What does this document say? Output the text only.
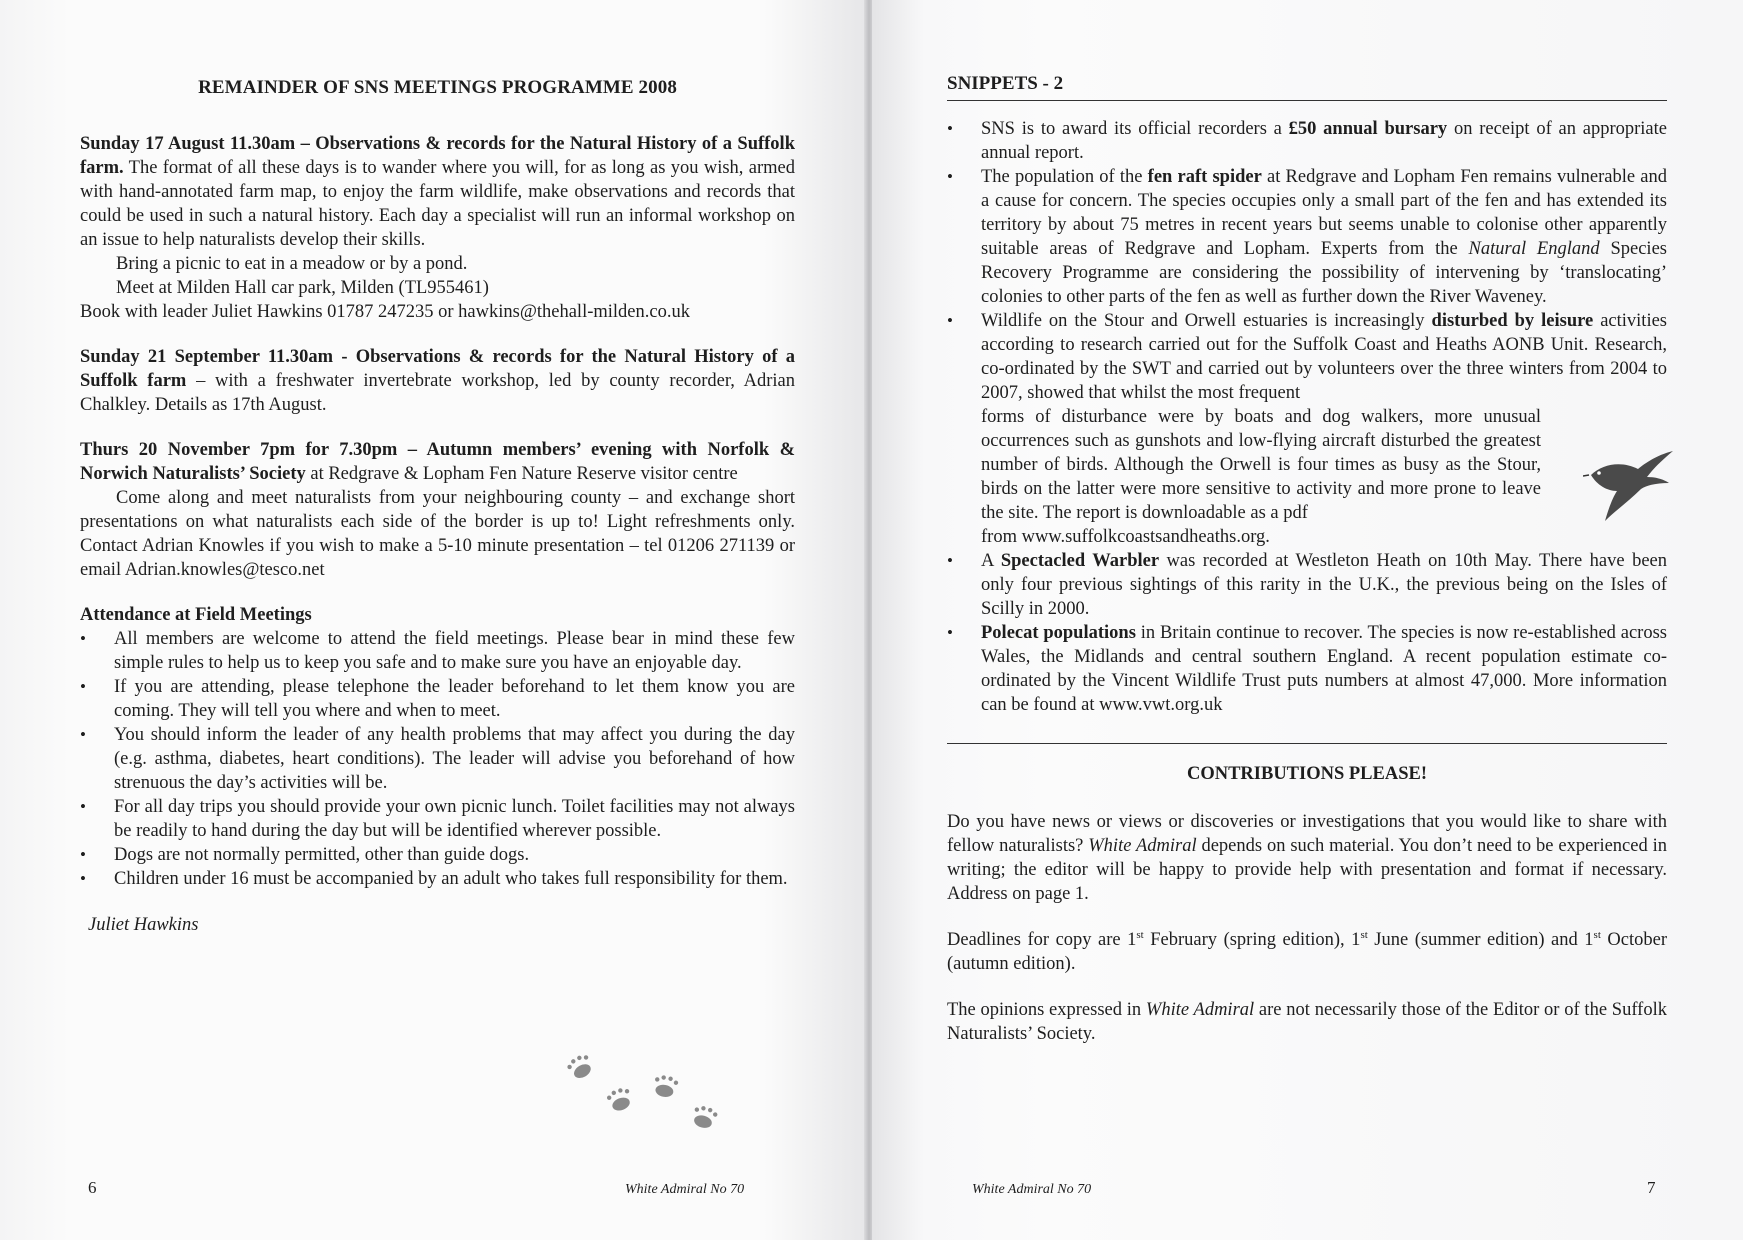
REMAINDER OF SNS MEETINGS PROGRAMME 2008

Sunday 17 August 11.30am – Observations & records for the Natural History of a Suffolk farm. The format of all these days is to wander where you will, for as long as you wish, armed with hand-annotated farm map, to enjoy the farm wildlife, make observations and records that could be used in such a natural history. Each day a specialist will run an informal workshop on an issue to help naturalists develop their skills.

Bring a picnic to eat in a meadow or by a pond.

Meet at Milden Hall car park, Milden (TL955461)

Book with leader Juliet Hawkins 01787 247235 or hawkins@thehall-milden.co.uk

Sunday 21 September 11.30am - Observations & records for the Natural History of a Suffolk farm – with a freshwater invertebrate workshop, led by county recorder, Adrian Chalkley. Details as 17th August.

Thurs 20 November 7pm for 7.30pm – Autumn members’ evening with Norfolk & Norwich Naturalists’ Society at Redgrave & Lopham Fen Nature Reserve visitor centre

Come along and meet naturalists from your neighbouring county – and exchange short presentations on what naturalists each side of the border is up to! Light refreshments only. Contact Adrian Knowles if you wish to make a 5-10 minute presentation – tel 01206 271139 or email Adrian.knowles@tesco.net

Attendance at Field Meetings

• All members are welcome to attend the field meetings. Please bear in mind these few simple rules to help us to keep you safe and to make sure you have an enjoyable day.
• If you are attending, please telephone the leader beforehand to let them know you are coming. They will tell you where and when to meet.
• You should inform the leader of any health problems that may affect you during the day (e.g. asthma, diabetes, heart conditions). The leader will advise you beforehand of how strenuous the day’s activities will be.
• For all day trips you should provide your own picnic lunch. Toilet facilities may not always be readily to hand during the day but will be identified wherever possible.
• Dogs are not normally permitted, other than guide dogs.
• Children under 16 must be accompanied by an adult who takes full responsibility for them.

Juliet Hawkins

6	White Admiral No 70
SNIPPETS - 2
• SNS is to award its official recorders a £50 annual bursary on receipt of an appropriate annual report.
• The population of the fen raft spider at Redgrave and Lopham Fen remains vulnerable and a cause for concern. The species occupies only a small part of the fen and has extended its territory by about 75 metres in recent years but seems unable to colonise other apparently suitable areas of Redgrave and Lopham. Experts from the Natural England Species Recovery Programme are considering the possibility of intervening by ‘translocating’ colonies to other parts of the fen as well as further down the River Waveney.
• Wildlife on the Stour and Orwell estuaries is increasingly disturbed by leisure activities according to research carried out for the Suffolk Coast and Heaths AONB Unit. Research, co-ordinated by the SWT and carried out by volunteers over the three winters from 2004 to 2007, showed that whilst the most frequent
forms of disturbance were by boats and dog walkers, more unusual occurrences such as gunshots and low-flying aircraft disturbed the greatest number of birds. Although the Orwell is four times as busy as the Stour, birds on the latter were more sensitive to activity and more prone to leave the site. The report is downloadable as a pdf
from www.suffolkcoastsandheaths.org.
• A Spectacled Warbler was recorded at Westleton Heath on 10th May. There have been only four previous sightings of this rarity in the U.K., the previous being on the Isles of Scilly in 2000.
• Polecat populations in Britain continue to recover. The species is now re-established across Wales, the Midlands and central southern England. A recent population estimate co-ordinated by the Vincent Wildlife Trust puts numbers at almost 47,000. More information can be found at www.vwt.org.uk
CONTRIBUTIONS PLEASE!

Do you have news or views or discoveries or investigations that you would like to share with fellow naturalists? White Admiral depends on such material. You don’t need to be experienced in writing; the editor will be happy to provide help with presentation and format if necessary. Address on page 1.

Deadlines for copy are 1st February (spring edition), 1st June (summer edition) and 1st October (autumn edition).

The opinions expressed in White Admiral are not necessarily those of the Editor or of the Suffolk Naturalists’ Society.

White Admiral No 70	7
